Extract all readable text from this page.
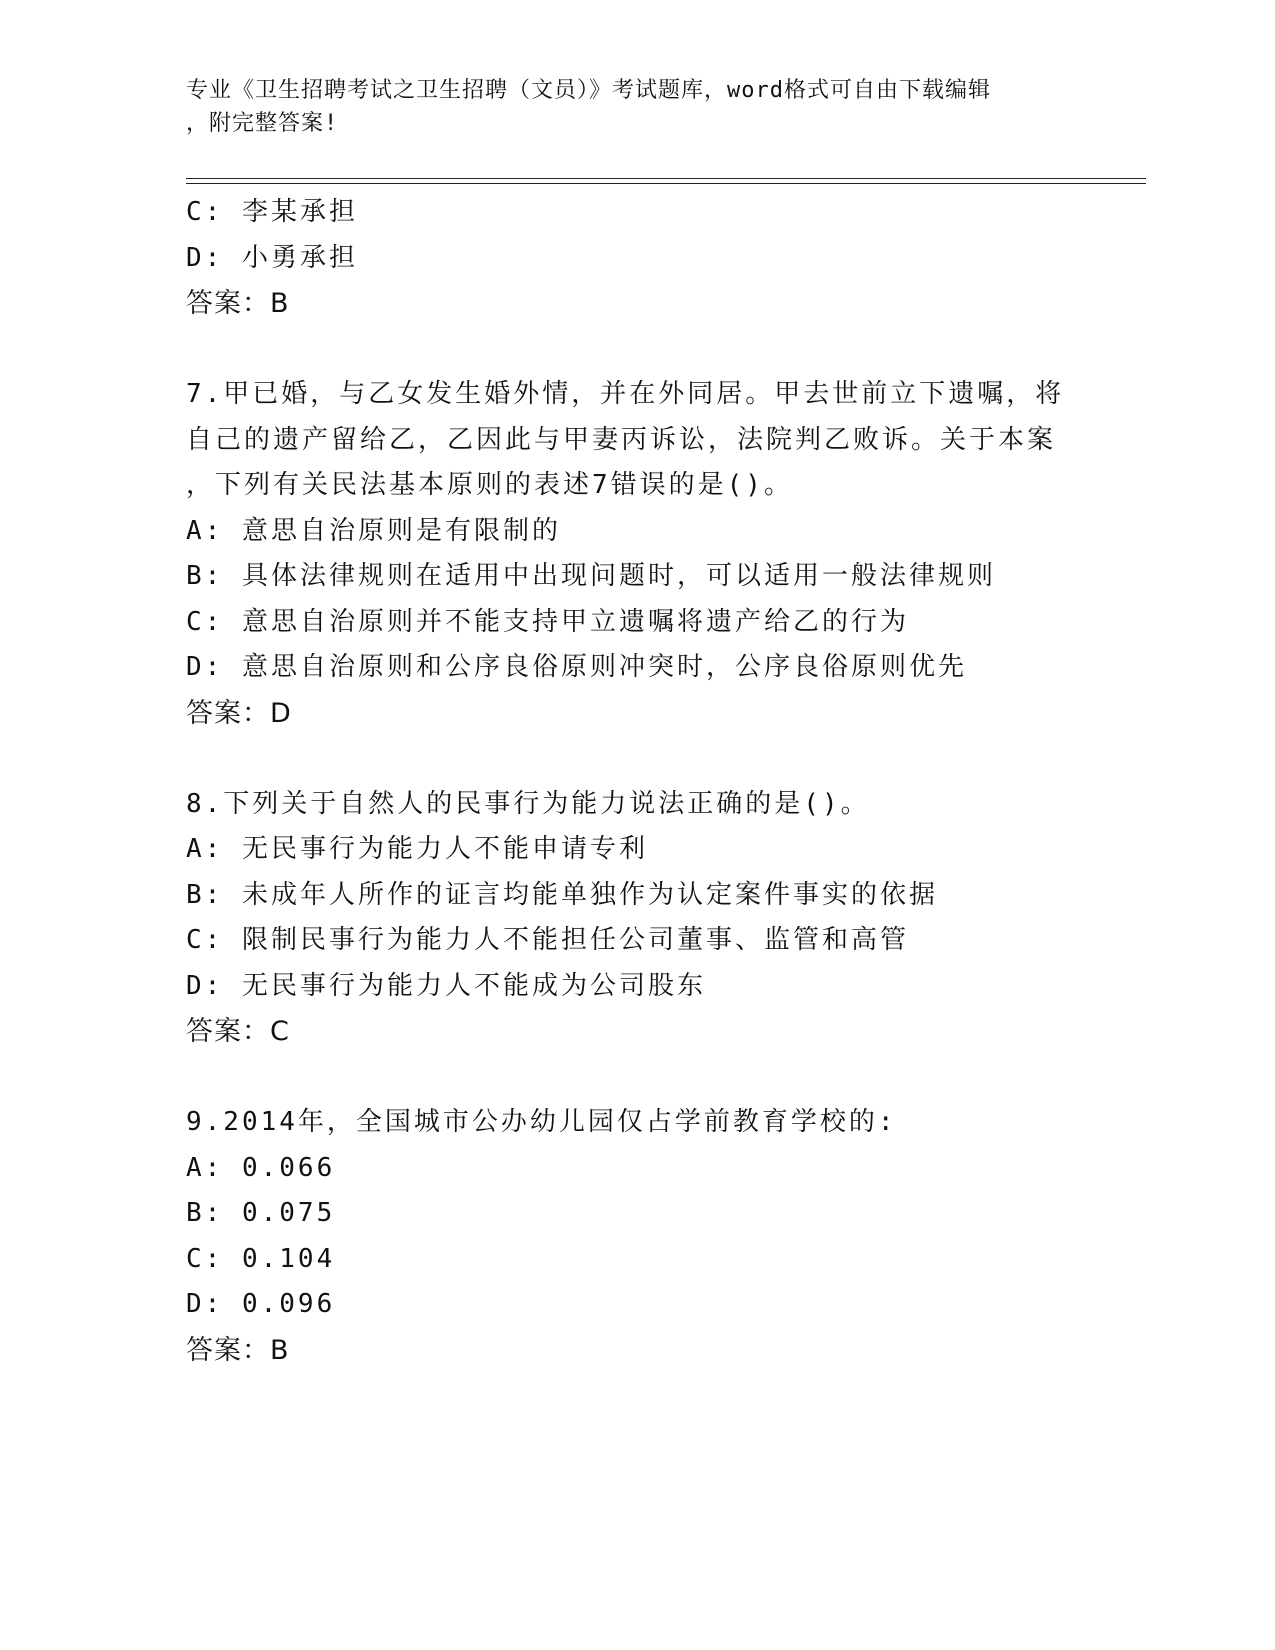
专业《卫生招聘考试之卫生招聘（文员）》考试题库，word格式可自由下载编辑
，附完整答案!
C: 李某承担
D: 小勇承担
答案：B
7.甲已婚，与乙女发生婚外情，并在外同居。甲去世前立下遗嘱，将
自己的遗产留给乙，乙因此与甲妻丙诉讼，法院判乙败诉。关于本案
，下列有关民法基本原则的表述7错误的是()。
A: 意思自治原则是有限制的
B: 具体法律规则在适用中出现问题时，可以适用一般法律规则
C: 意思自治原则并不能支持甲立遗嘱将遗产给乙的行为
D: 意思自治原则和公序良俗原则冲突时，公序良俗原则优先
答案：D
8.下列关于自然人的民事行为能力说法正确的是()。
A: 无民事行为能力人不能申请专利
B: 未成年人所作的证言均能单独作为认定案件事实的依据
C: 限制民事行为能力人不能担任公司董事、监管和高管
D: 无民事行为能力人不能成为公司股东
答案：C
9.2014年，全国城市公办幼儿园仅占学前教育学校的:
A: 0.066
B: 0.075
C: 0.104
D: 0.096
答案：B
